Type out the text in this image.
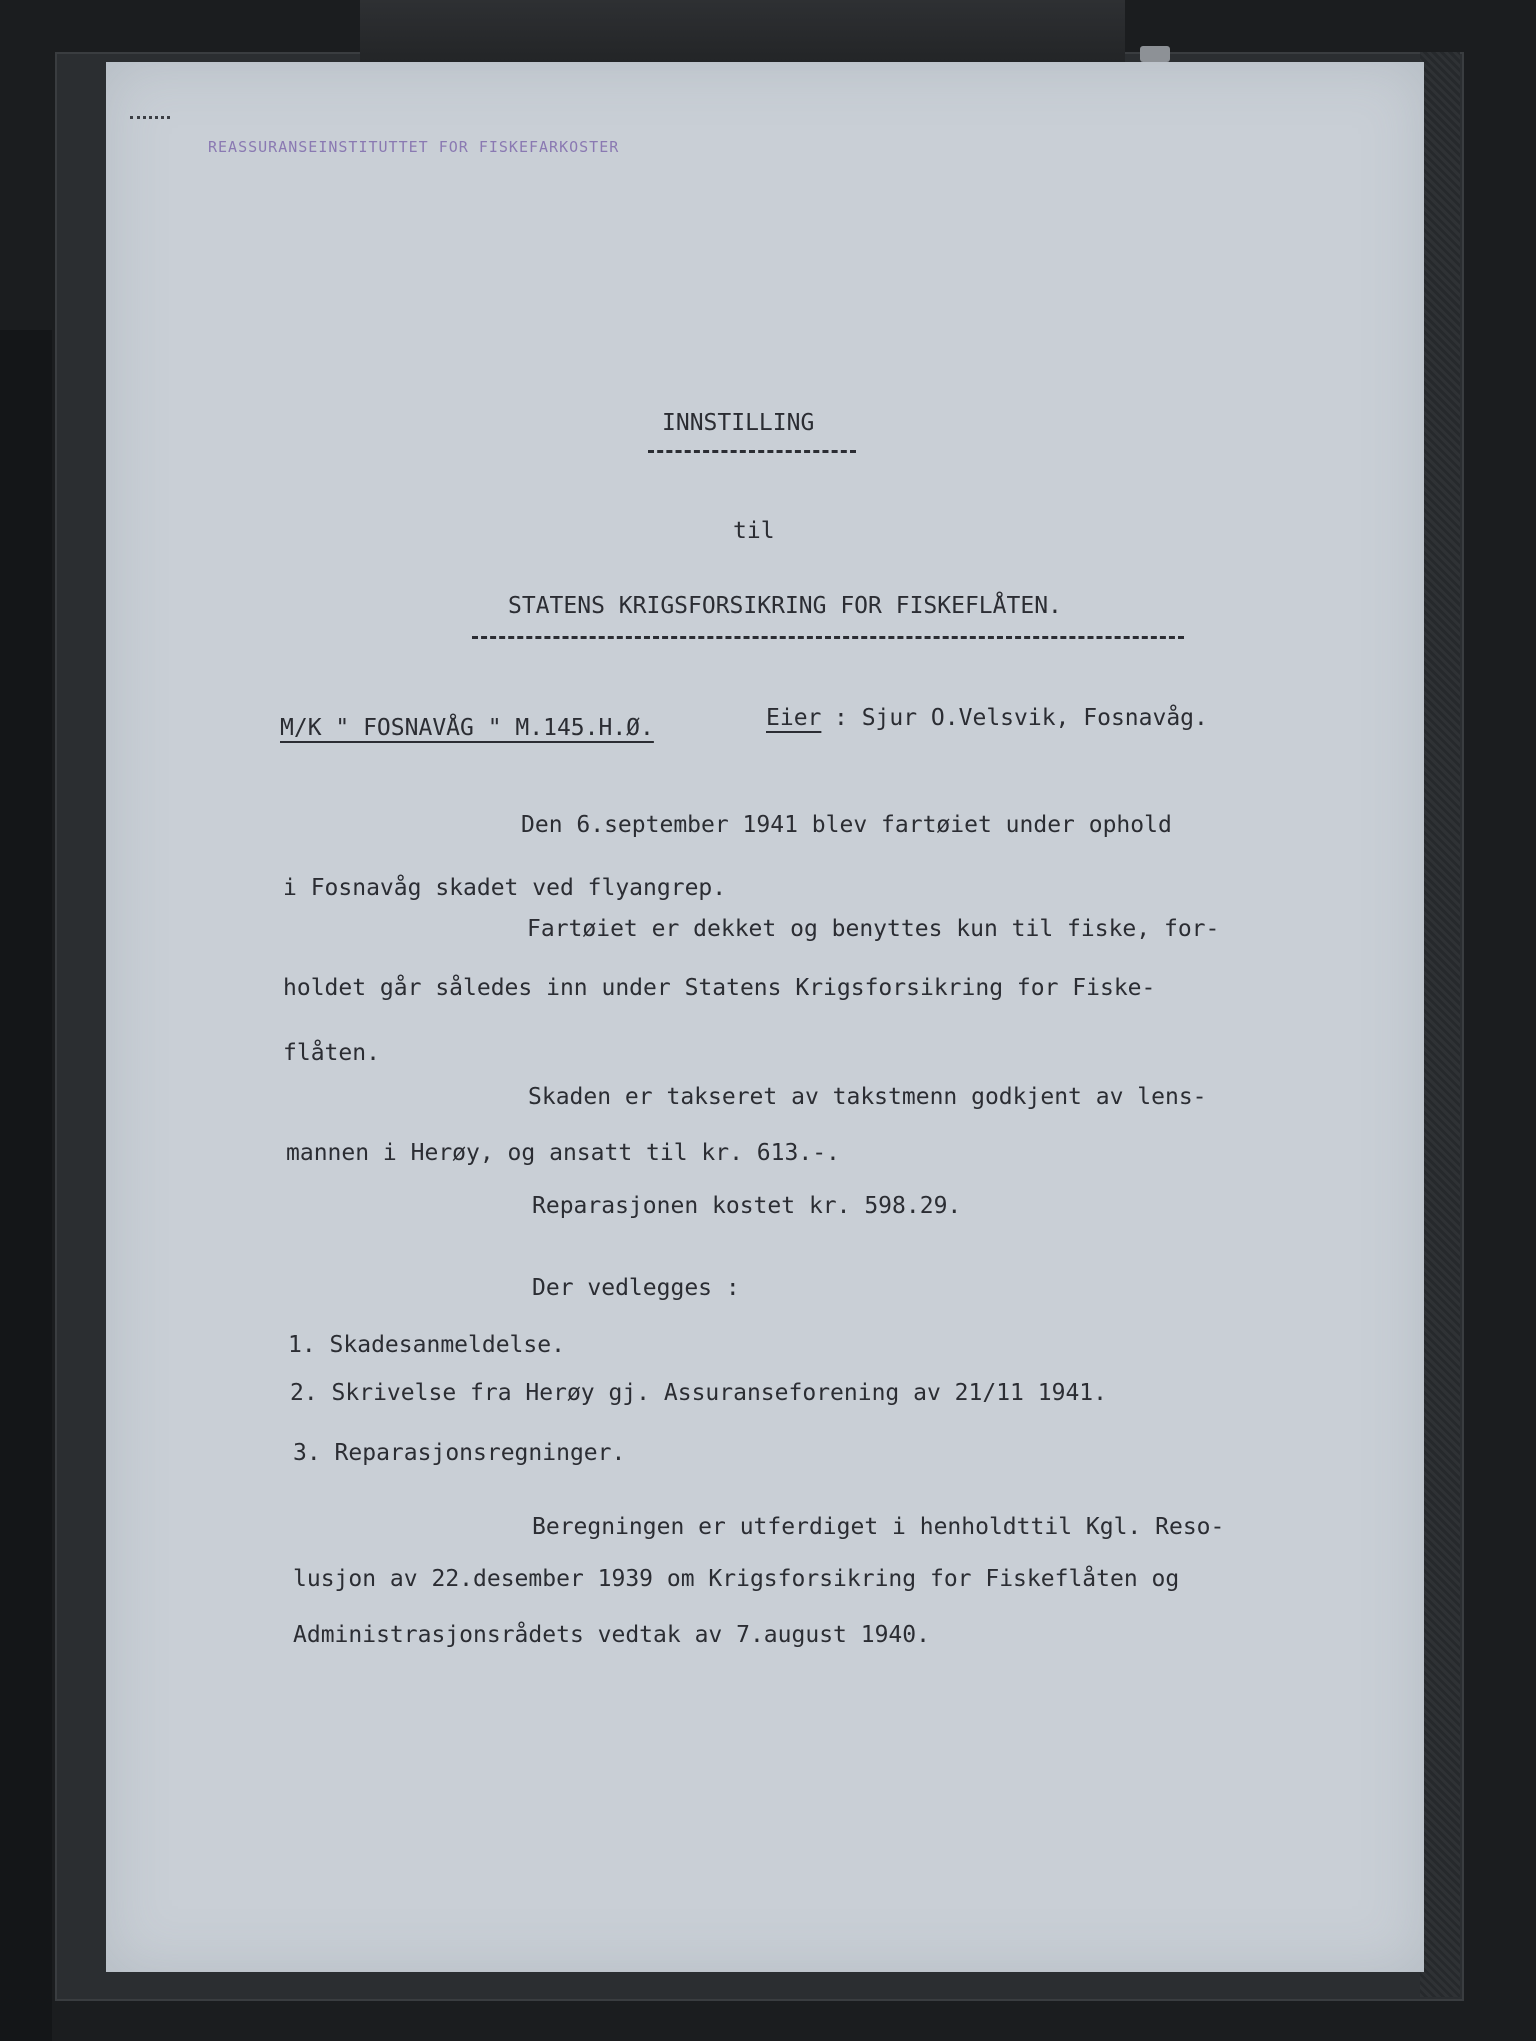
REASSURANSEINSTITUTTET FOR FISKEFARKOSTER
INNSTILLING
til
STATENS KRIGSFORSIKRING FOR FISKEFLÅTEN.
M/K " FOSNAVÅG " M.145.H.Ø.	Eier : Sjur O.Velsvik, Fosnavåg.
Den 6.september 1941 blev fartøiet under ophold
i Fosnavåg skadet ved flyangrep.
Fartøiet er dekket og benyttes kun til fiske, for-
holdet går således inn under Statens Krigsforsikring for Fiske-
flåten.
Skaden er takseret av takstmenn godkjent av lens-
mannen i Herøy, og ansatt til kr. 613.-.
Reparasjonen kostet kr. 598.29.
Der vedlegges :
1. Skadesanmeldelse.
2. Skrivelse fra Herøy gj. Assuranseforening av 21/11 1941.
3. Reparasjonsregninger.
Beregningen er utferdiget i henholdttil Kgl. Reso-
lusjon av 22.desember 1939 om Krigsforsikring for Fiskeflåten og
Administrasjonsrådets vedtak av 7.august 1940.
